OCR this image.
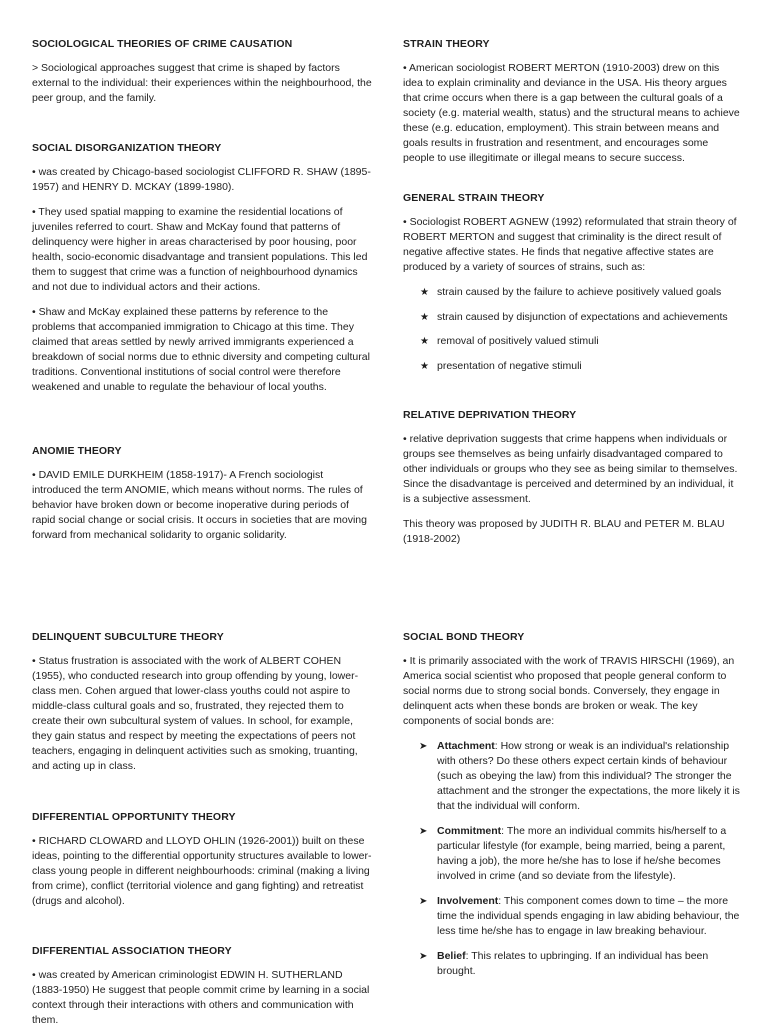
SOCIOLOGICAL THEORIES OF CRIME CAUSATION

> Sociological approaches suggest that crime is shaped by factors external to the individual: their experiences within the neighbourhood, the peer group, and the family.

SOCIAL DISORGANIZATION THEORY

• was created by Chicago-based sociologist CLIFFORD R. SHAW (1895-1957) and HENRY D. MCKAY (1899-1980).

• They used spatial mapping to examine the residential locations of juveniles referred to court. Shaw and McKay found that patterns of delinquency were higher in areas characterised by poor housing, poor health, socio-economic disadvantage and transient populations. This led them to suggest that crime was a function of neighbourhood dynamics and not due to individual actors and their actions.

• Shaw and McKay explained these patterns by reference to the problems that accompanied immigration to Chicago at this time. They claimed that areas settled by newly arrived immigrants experienced a breakdown of social norms due to ethnic diversity and competing cultural traditions. Conventional institutions of social control were therefore weakened and unable to regulate the behaviour of local youths.

ANOMIE THEORY

• DAVID EMILE DURKHEIM (1858-1917)- A French sociologist introduced the term ANOMIE, which means without norms. The rules of behavior have broken down or become inoperative during periods of rapid social change or social crisis. It occurs in societies that are moving forward from mechanical solidarity to organic solidarity.

DELINQUENT SUBCULTURE THEORY

• Status frustration is associated with the work of ALBERT COHEN (1955), who conducted research into group offending by young, lower-class men. Cohen argued that lower-class youths could not aspire to middle-class cultural goals and so, frustrated, they rejected them to create their own subcultural system of values. In school, for example, they gain status and respect by meeting the expectations of peers not teachers, engaging in delinquent activities such as smoking, truanting, and acting up in class.

DIFFERENTIAL OPPORTUNITY THEORY

• RICHARD CLOWARD and LLOYD OHLIN (1926-2001)) built on these ideas, pointing to the differential opportunity structures available to lower-class young people in different neighbourhoods: criminal (making a living from crime), conflict (territorial violence and gang fighting) and retreatist (drugs and alcohol).

DIFFERENTIAL ASSOCIATION THEORY

• was created by American criminologist EDWIN H. SUTHERLAND (1883-1950) He suggest that people commit crime by learning in a social context through their interactions with others and communication with them.

STRAIN THEORY

• American sociologist ROBERT MERTON (1910-2003) drew on this idea to explain criminality and deviance in the USA. His theory argues that crime occurs when there is a gap between the cultural goals of a society (e.g. material wealth, status) and the structural means to achieve these (e.g. education, employment). This strain between means and goals results in frustration and resentment, and encourages some people to use illegitimate or illegal means to secure success.

GENERAL STRAIN THEORY

• Sociologist ROBERT AGNEW (1992) reformulated that strain theory of ROBERT MERTON and suggest that criminality is the direct result of negative affective states. He finds that negative affective states are produced by a variety of sources of strains, such as:

★ strain caused by the failure to achieve positively valued goals
★ strain caused by disjunction of expectations and achievements
★ removal of positively valued stimuli
★ presentation of negative stimuli
RELATIVE DEPRIVATION THEORY

• relative deprivation suggests that crime happens when individuals or groups see themselves as being unfairly disadvantaged compared to other individuals or groups who they see as being similar to themselves. Since the disadvantage is perceived and determined by an individual, it is a subjective assessment.

This theory was proposed by JUDITH R. BLAU and PETER M. BLAU (1918-2002)

SOCIAL BOND THEORY

• It is primarily associated with the work of TRAVIS HIRSCHI (1969), an America social scientist who proposed that people general conform to social norms due to strong social bonds. Conversely, they engage in delinquent acts when these bonds are broken or weak. The key components of social bonds are:

➤ Attachment: How strong or weak is an individual's relationship with others? Do these others expect certain kinds of behaviour (such as obeying the law) from this individual? The stronger the attachment and the stronger the expectations, the more likely it is that the individual will conform.
➤ Commitment: The more an individual commits his/herself to a particular lifestyle (for example, being married, being a parent, having a job), the more he/she has to lose if he/she becomes involved in crime (and so deviate from the lifestyle).
➤ Involvement: This component comes down to time – the more time the individual spends engaging in law abiding behaviour, the less time he/she has to engage in law breaking behaviour.
➤ Belief: This relates to upbringing. If an individual has been brought.
